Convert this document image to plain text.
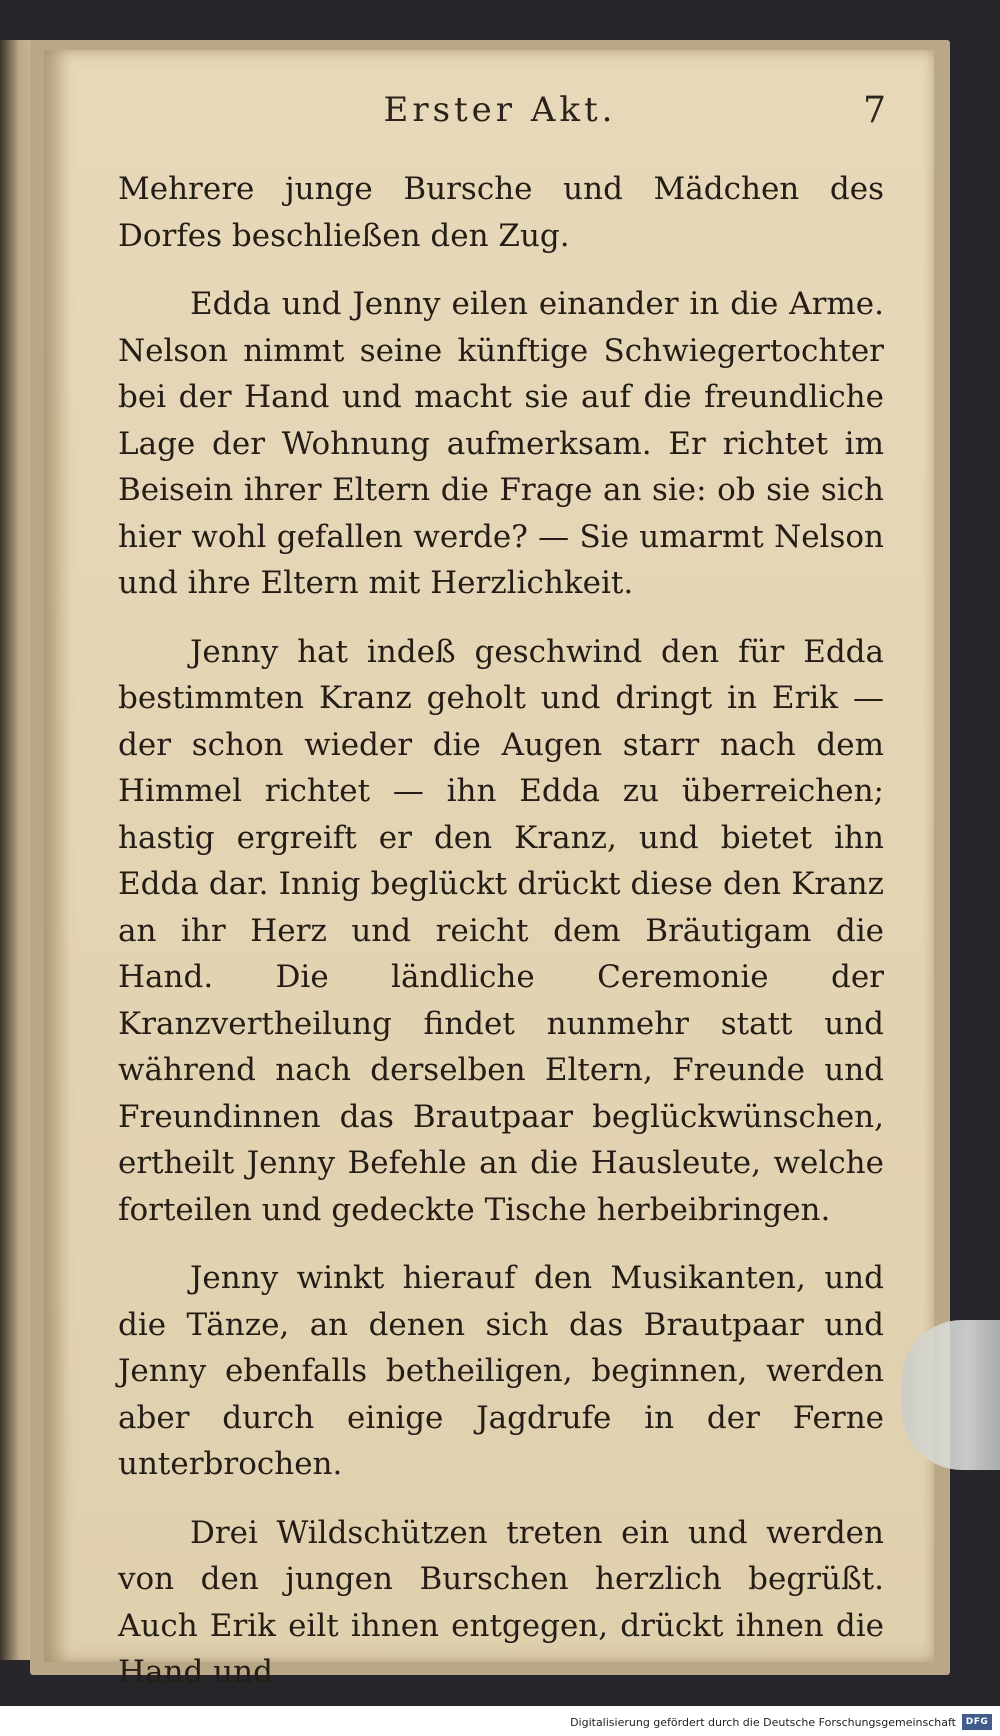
Erster Akt.	7

Mehrere junge Bursche und Mädchen des Dorfes beschließen den Zug.

Edda und Jenny eilen einander in die Arme. Nelson nimmt seine künftige Schwiegertochter bei der Hand und macht sie auf die freundliche Lage der Wohnung aufmerksam. Er richtet im Beisein ihrer Eltern die Frage an sie: ob sie sich hier wohl gefallen werde? — Sie umarmt Nelson und ihre Eltern mit Herzlichkeit.

Jenny hat indeß geschwind den für Edda bestimmten Kranz geholt und dringt in Erik — der schon wieder die Augen starr nach dem Himmel richtet — ihn Edda zu überreichen; hastig ergreift er den Kranz, und bietet ihn Edda dar. Innig beglückt drückt diese den Kranz an ihr Herz und reicht dem Bräutigam die Hand. Die ländliche Ceremonie der Kranzvertheilung findet nunmehr statt und während nach derselben Eltern, Freunde und Freundinnen das Brautpaar beglückwünschen, ertheilt Jenny Befehle an die Hausleute, welche forteilen und gedeckte Tische herbeibringen.

Jenny winkt hierauf den Musikanten, und die Tänze, an denen sich das Brautpaar und Jenny ebenfalls betheiligen, beginnen, werden aber durch einige Jagdrufe in der Ferne unterbrochen.

Drei Wildschützen treten ein und werden von den jungen Burschen herzlich begrüßt. Auch Erik eilt ihnen entgegen, drückt ihnen die Hand und

Digitalisierung gefördert durch die Deutsche Forschungsgemeinschaft	DFG
